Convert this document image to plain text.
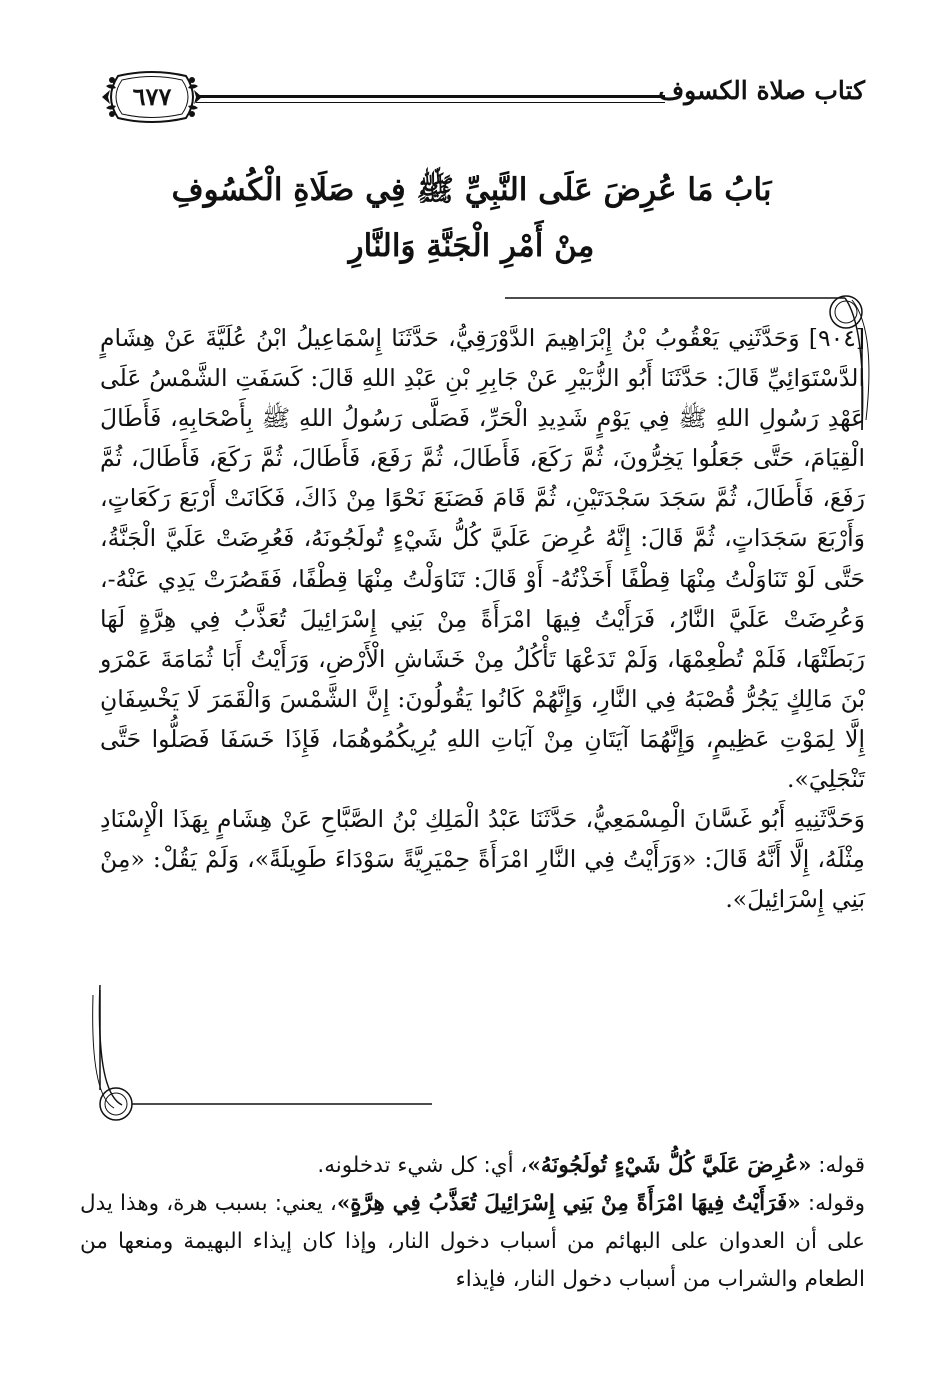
كتاب صلاة الكسوف
٦٧٧
بَابُ مَا عُرِضَ عَلَى النَّبِيِّ ﷺ فِي صَلَاةِ الْكُسُوفِ
مِنْ أَمْرِ الْجَنَّةِ وَالنَّارِ

[٩٠٤] وَحَدَّثَنِي يَعْقُوبُ بْنُ إِبْرَاهِيمَ الدَّوْرَقِيُّ، حَدَّثَنَا إِسْمَاعِيلُ ابْنُ عُلَيَّةَ عَنْ هِشَامٍ الدَّسْتَوَائِيِّ قَالَ: حَدَّثَنَا أَبُو الزُّبَيْرِ عَنْ جَابِرِ بْنِ عَبْدِ اللهِ قَالَ: كَسَفَتِ الشَّمْسُ عَلَى عَهْدِ رَسُولِ اللهِ ﷺ فِي يَوْمٍ شَدِيدِ الْحَرِّ، فَصَلَّى رَسُولُ اللهِ ﷺ بِأَصْحَابِهِ، فَأَطَالَ الْقِيَامَ، حَتَّى جَعَلُوا يَخِرُّونَ، ثُمَّ رَكَعَ، فَأَطَالَ، ثُمَّ رَفَعَ، فَأَطَالَ، ثُمَّ رَكَعَ، فَأَطَالَ، ثُمَّ رَفَعَ، فَأَطَالَ، ثُمَّ سَجَدَ سَجْدَتَيْنِ، ثُمَّ قَامَ فَصَنَعَ نَحْوًا مِنْ ذَاكَ، فَكَانَتْ أَرْبَعَ رَكَعَاتٍ، وَأَرْبَعَ سَجَدَاتٍ، ثُمَّ قَالَ: إِنَّهُ عُرِضَ عَلَيَّ كُلُّ شَيْءٍ تُولَجُونَهُ، فَعُرِضَتْ عَلَيَّ الْجَنَّةُ، حَتَّى لَوْ تَنَاوَلْتُ مِنْهَا قِطْفًا أَخَذْتُهُ- أَوْ قَالَ: تَنَاوَلْتُ مِنْهَا قِطْفًا، فَقَصُرَتْ يَدِي عَنْهُ-، وَعُرِضَتْ عَلَيَّ النَّارُ، فَرَأَيْتُ فِيهَا امْرَأَةً مِنْ بَنِي إِسْرَائِيلَ تُعَذَّبُ فِي هِرَّةٍ لَهَا رَبَطَتْهَا، فَلَمْ تُطْعِمْهَا، وَلَمْ تَدَعْهَا تَأْكُلُ مِنْ خَشَاشِ الْأَرْضِ، وَرَأَيْتُ أَبَا ثُمَامَةَ عَمْرَو بْنَ مَالِكٍ يَجُرُّ قُصْبَهُ فِي النَّارِ، وَإِنَّهُمْ كَانُوا يَقُولُونَ: إِنَّ الشَّمْسَ وَالْقَمَرَ لَا يَخْسِفَانِ إِلَّا لِمَوْتِ عَظِيمٍ، وَإِنَّهُمَا آيَتَانِ مِنْ آيَاتِ اللهِ يُرِيكُمُوهُمَا، فَإِذَا خَسَفَا فَصَلُّوا حَتَّى تَنْجَلِيَ».

وَحَدَّثَنِيهِ أَبُو غَسَّانَ الْمِسْمَعِيُّ، حَدَّثَنَا عَبْدُ الْمَلِكِ بْنُ الصَّبَّاحِ عَنْ هِشَامٍ بِهَذَا الْإِسْنَادِ مِثْلَهُ، إِلَّا أَنَّهُ قَالَ: «وَرَأَيْتُ فِي النَّارِ امْرَأَةً حِمْيَرِيَّةً سَوْدَاءَ طَوِيلَةً»، وَلَمْ يَقُلْ: «مِنْ بَنِي إِسْرَائِيلَ».

قوله: «عُرِضَ عَلَيَّ كُلُّ شَيْءٍ تُولَجُونَهُ»، أي: كل شيء تدخلونه.

وقوله: «فَرَأَيْتُ فِيهَا امْرَأَةً مِنْ بَنِي إِسْرَائِيلَ تُعَذَّبُ فِي هِرَّةٍ»، يعني: بسبب هرة، وهذا يدل على أن العدوان على البهائم من أسباب دخول النار، وإذا كان إيذاء البهيمة ومنعها من الطعام والشراب من أسباب دخول النار، فإيذاء
